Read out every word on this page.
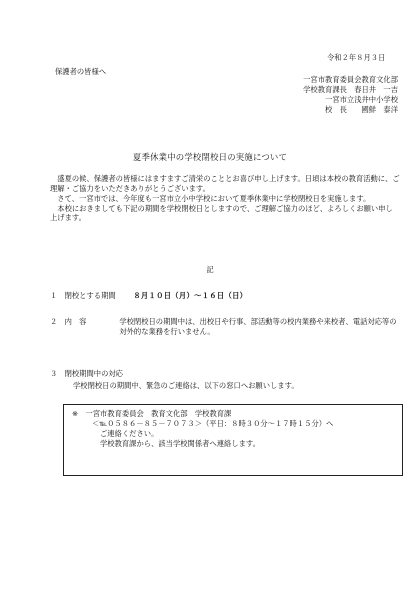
令和２年８月３日
保護者の皆様へ
一宮市教育委員会教育文化部
学校教育課長　春日井　一吉
一宮市立浅井中小学校
校　長　　國鮮　泰洋
夏季休業中の学校閉校日の実施について

　盛夏の候、保護者の皆様にはますますご清栄のこととお喜び申し上げます。日頃は本校の教育活動に、ご理解・ご協力をいただきありがとうございます。

　さて、一宮市では、今年度も一宮市立小中学校において夏季休業中に学校閉校日を実施します。

　本校におきましても下記の期間を学校閉校日としますので、ご理解ご協力のほど、よろしくお願い申し上げます。

記
１　閉校とする期間 ８月１０日（月）～１６日（日）
２　内　容	学校閉校日の期間中は、出校日や行事、部活動等の校内業務や来校者、電話対応等の対外的な業務を行いません。
３　閉校期間中の対応
学校閉校日の期間中、緊急のご連絡は、以下の窓口へお願いします。
※　一宮市教育委員会　教育文化部　学校教育課
＜℡０５８６－８５－７０７３＞（平日：８時３０分～１７時１５分）へ
ご連絡ください。
学校教育課から、該当学校関係者へ連絡します。
